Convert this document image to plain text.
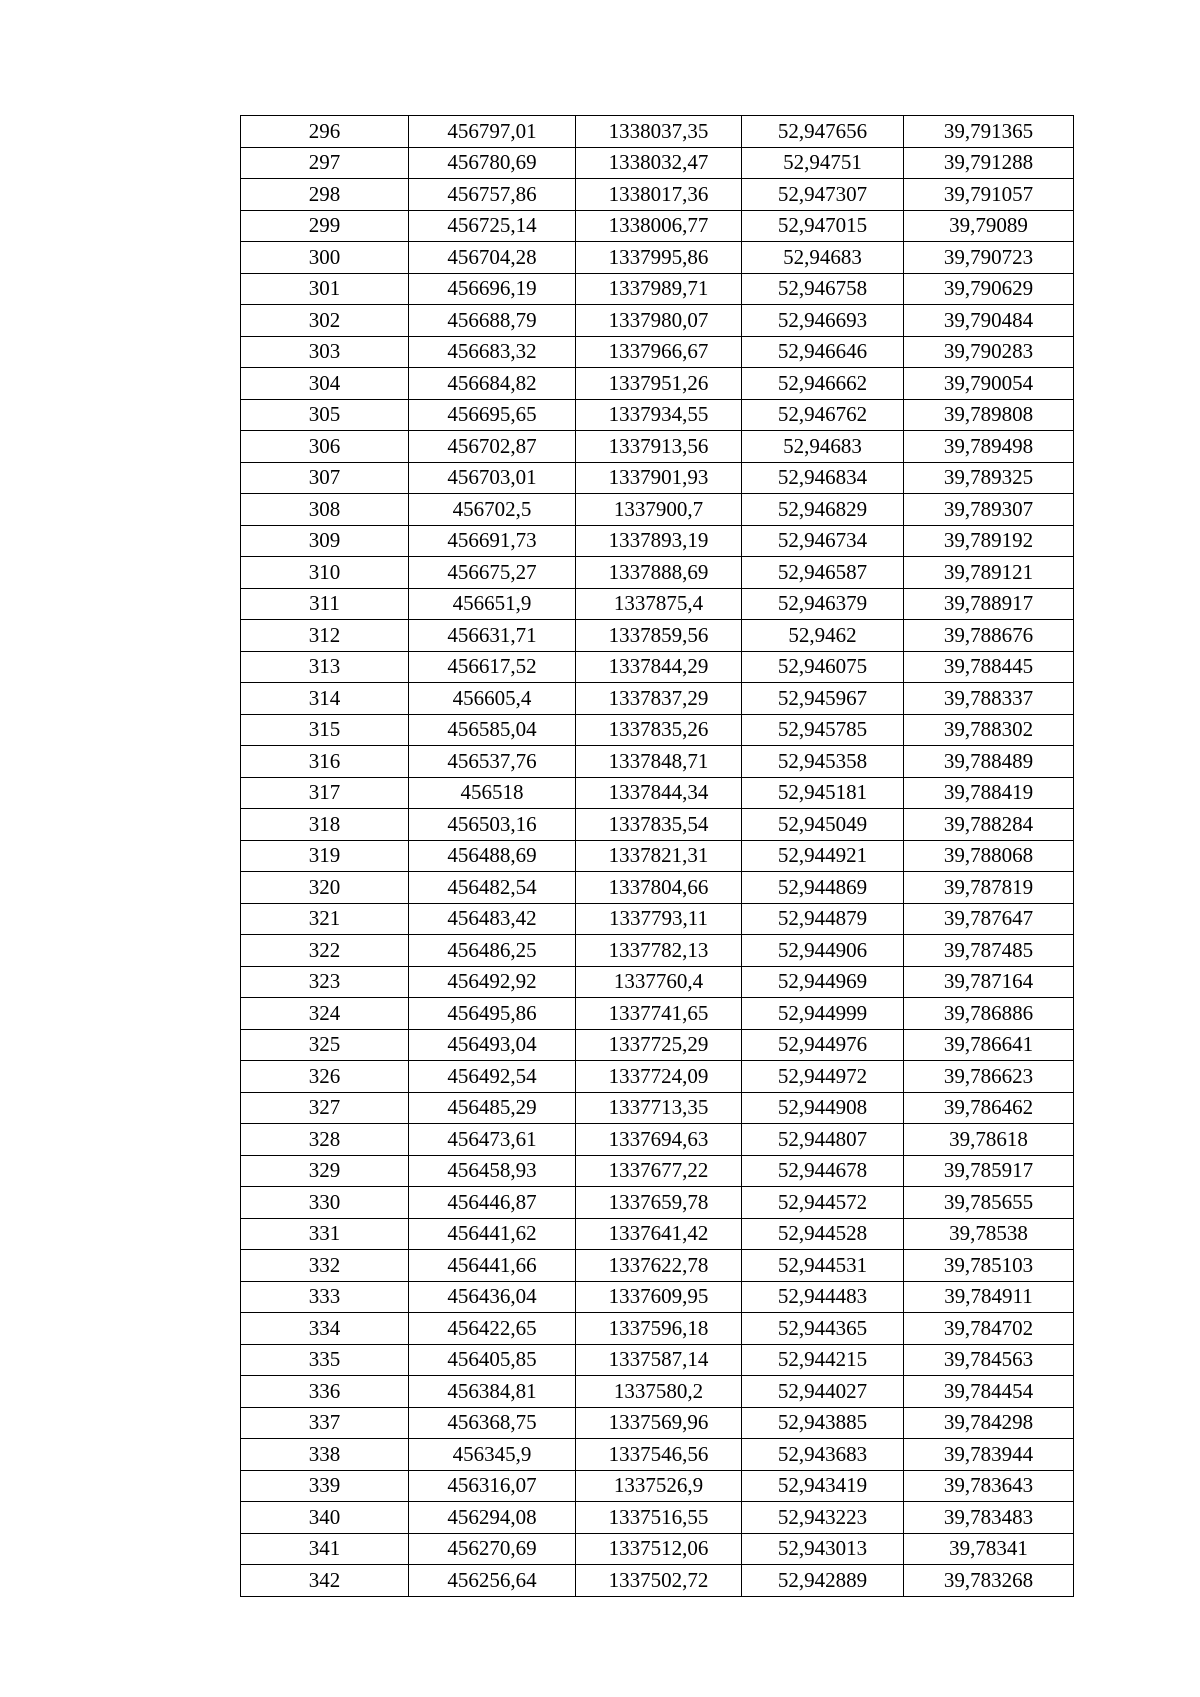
296	456797,01	1338037,35	52,947656	39,791365
297	456780,69	1338032,47	52,94751	39,791288
298	456757,86	1338017,36	52,947307	39,791057
299	456725,14	1338006,77	52,947015	39,79089
300	456704,28	1337995,86	52,94683	39,790723
301	456696,19	1337989,71	52,946758	39,790629
302	456688,79	1337980,07	52,946693	39,790484
303	456683,32	1337966,67	52,946646	39,790283
304	456684,82	1337951,26	52,946662	39,790054
305	456695,65	1337934,55	52,946762	39,789808
306	456702,87	1337913,56	52,94683	39,789498
307	456703,01	1337901,93	52,946834	39,789325
308	456702,5	1337900,7	52,946829	39,789307
309	456691,73	1337893,19	52,946734	39,789192
310	456675,27	1337888,69	52,946587	39,789121
311	456651,9	1337875,4	52,946379	39,788917
312	456631,71	1337859,56	52,9462	39,788676
313	456617,52	1337844,29	52,946075	39,788445
314	456605,4	1337837,29	52,945967	39,788337
315	456585,04	1337835,26	52,945785	39,788302
316	456537,76	1337848,71	52,945358	39,788489
317	456518	1337844,34	52,945181	39,788419
318	456503,16	1337835,54	52,945049	39,788284
319	456488,69	1337821,31	52,944921	39,788068
320	456482,54	1337804,66	52,944869	39,787819
321	456483,42	1337793,11	52,944879	39,787647
322	456486,25	1337782,13	52,944906	39,787485
323	456492,92	1337760,4	52,944969	39,787164
324	456495,86	1337741,65	52,944999	39,786886
325	456493,04	1337725,29	52,944976	39,786641
326	456492,54	1337724,09	52,944972	39,786623
327	456485,29	1337713,35	52,944908	39,786462
328	456473,61	1337694,63	52,944807	39,78618
329	456458,93	1337677,22	52,944678	39,785917
330	456446,87	1337659,78	52,944572	39,785655
331	456441,62	1337641,42	52,944528	39,78538
332	456441,66	1337622,78	52,944531	39,785103
333	456436,04	1337609,95	52,944483	39,784911
334	456422,65	1337596,18	52,944365	39,784702
335	456405,85	1337587,14	52,944215	39,784563
336	456384,81	1337580,2	52,944027	39,784454
337	456368,75	1337569,96	52,943885	39,784298
338	456345,9	1337546,56	52,943683	39,783944
339	456316,07	1337526,9	52,943419	39,783643
340	456294,08	1337516,55	52,943223	39,783483
341	456270,69	1337512,06	52,943013	39,78341
342	456256,64	1337502,72	52,942889	39,783268
